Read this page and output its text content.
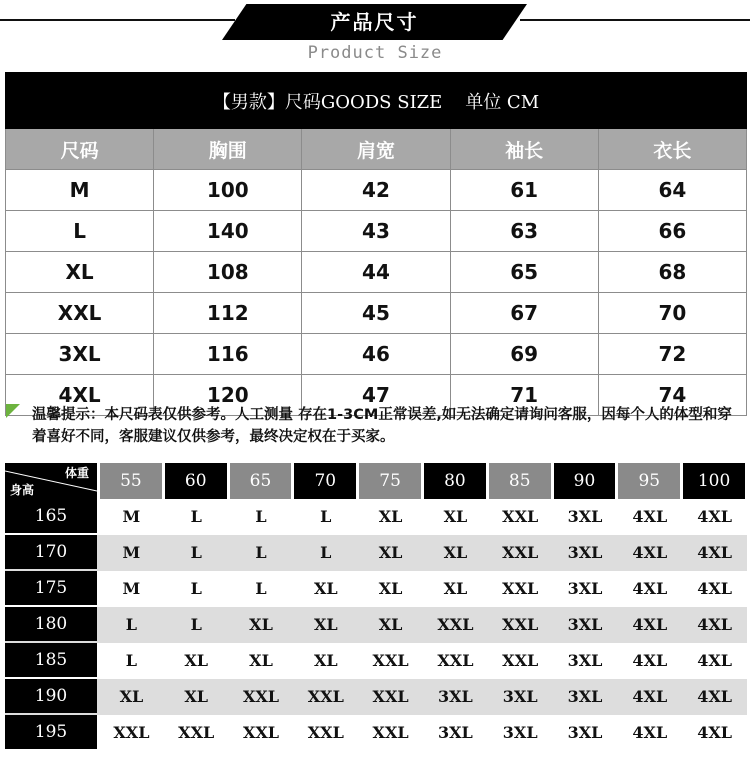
产品尺寸
Product Size
【男款】尺码GOODS SIZE    单位 CM				
尺码	胸围	肩宽	袖长	衣长
M	100	42	61	64
L	140	43	63	66
XL	108	44	65	68
XXL	112	45	67	70
3XL	116	46	69	72
4XL	120	47	71	74
温馨提示：本尺码表仅供参考。人工测量 存在1-3CM正常误差,如无法确定请询问客服，因每个人的体型和穿着喜好不同，客服建议仅供参考，最终决定权在于买家。
体重
身高	55	60	65	70	75	80	85	90	95	100
165	M	L	L	L	XL	XL	XXL	3XL	4XL	4XL
170	M	L	L	L	XL	XL	XXL	3XL	4XL	4XL
175	M	L	L	XL	XL	XL	XXL	3XL	4XL	4XL
180	L	L	XL	XL	XL	XXL	XXL	3XL	4XL	4XL
185	L	XL	XL	XL	XXL	XXL	XXL	3XL	4XL	4XL
190	XL	XL	XXL	XXL	XXL	3XL	3XL	3XL	4XL	4XL
195	XXL	XXL	XXL	XXL	XXL	3XL	3XL	3XL	4XL	4XL
